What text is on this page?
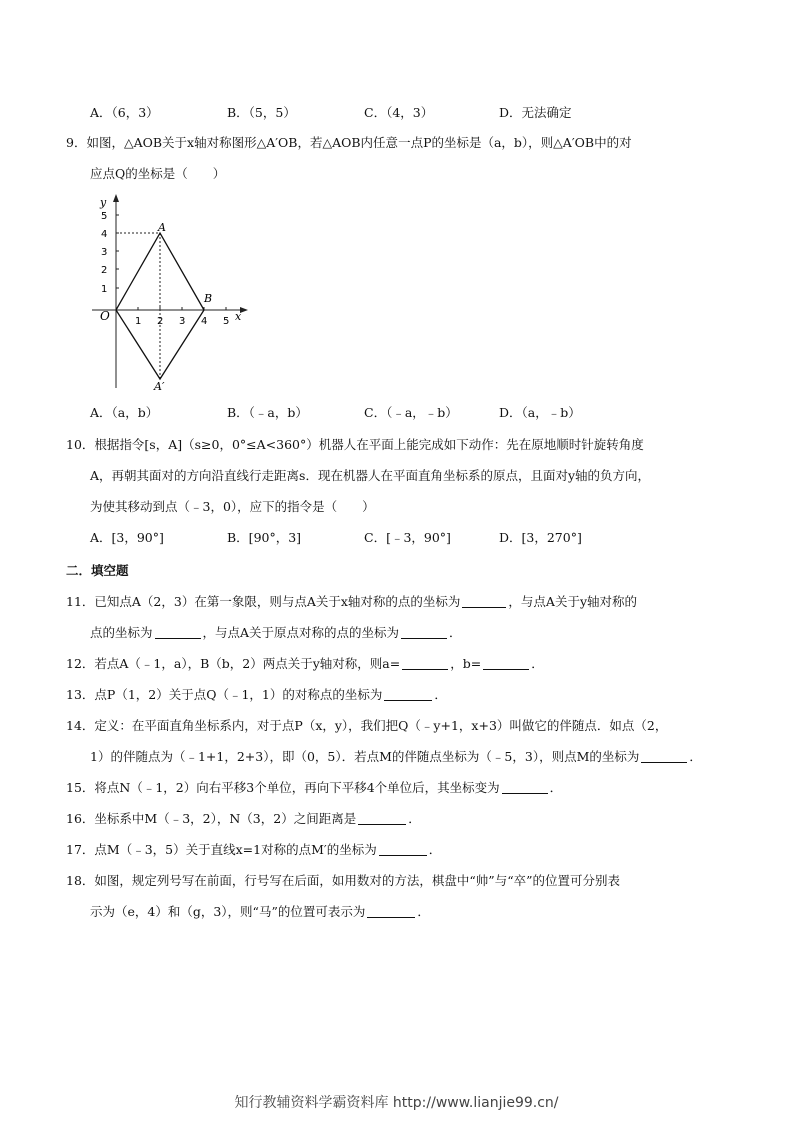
A．（6，3）	B．（5，5）	C．（4，3）	D．无法确定
9．如图，△AOB关于x轴对称图形△A′OB，若△AOB内任意一点P的坐标是（a，b），则△A′OB中的对
应点Q的坐标是（　　）
1 2 3 4 5
1
2
3
4
5
y
x
O
A
B
A′
A．（a，b）	B．（﹣a，b）	C．（﹣a，﹣b）	D．（a，﹣b）
10．根据指令[s，A]（s≥0，0°≤A<360°）机器人在平面上能完成如下动作：先在原地顺时针旋转角度
A，再朝其面对的方向沿直线行走距离s．现在机器人在平面直角坐标系的原点，且面对y轴的负方向，
为使其移动到点（﹣3，0），应下的指令是（　　）
A．[3，90°]	B．[90°，3]	C．[﹣3，90°]	D．[3，270°]
二．填空题
11．已知点A（2，3）在第一象限，则与点A关于x轴对称的点的坐标为	，与点A关于y轴对称的
点的坐标为	，与点A关于原点对称的点的坐标为	．
12．若点A（﹣1，a），B（b，2）两点关于y轴对称，则a=	，b=	．
13．点P（1，2）关于点Q（﹣1，1）的对称点的坐标为	．
14．定义：在平面直角坐标系内，对于点P（x，y），我们把Q（﹣y+1，x+3）叫做它的伴随点．如点（2，
1）的伴随点为（﹣1+1，2+3），即（0，5）．若点M的伴随点坐标为（﹣5，3），则点M的坐标为	．
15．将点N（﹣1，2）向右平移3个单位，再向下平移4个单位后，其坐标变为	．
16．坐标系中M（﹣3，2），N（3，2）之间距离是	．
17．点M（﹣3，5）关于直线x=1对称的点M′的坐标为	．
18．如图，规定列号写在前面，行号写在后面，如用数对的方法，棋盘中“帅”与“卒”的位置可分别表
示为（e，4）和（g，3），则“马”的位置可表示为	．
知行教辅资料学霸资料库 http://www.lianjie99.cn/
